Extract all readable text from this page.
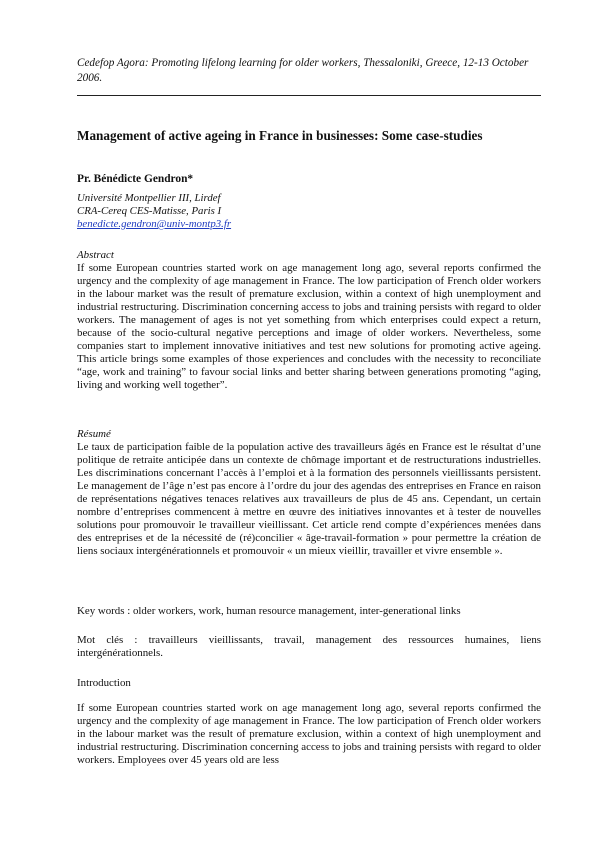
Cedefop Agora: Promoting lifelong learning for older workers, Thessaloniki, Greece, 12-13 October 2006.
Management of active ageing in France in businesses: Some case-studies
Pr. Bénédicte Gendron*
Université Montpellier III, Lirdef
CRA-Cereq CES-Matisse, Paris I
benedicte.gendron@univ-montp3.fr
Abstract
If some European countries started work on age management long ago, several reports confirmed the urgency and the complexity of age management in France. The low participation of French older workers in the labour market was the result of premature exclusion, within a context of high unemployment and industrial restructuring. Discrimination concerning access to jobs and training persists with regard to older workers. The management of ages is not yet something from which enterprises could expect a return, because of the socio-cultural negative perceptions and image of older workers. Nevertheless, some companies start to implement innovative initiatives and test new solutions for promoting active ageing. This article brings some examples of those experiences and concludes with the necessity to reconciliate “age, work and training” to favour social links and better sharing between generations promoting “aging, living and working well together”.
Résumé
Le taux de participation faible de la population active des travailleurs âgés en France est le résultat d’une politique de retraite anticipée dans un contexte de chômage important et de restructurations industrielles. Les discriminations concernant l’accès à l’emploi et à la formation des personnels vieillissants persistent. Le management de l’âge n’est pas encore à l’ordre du jour des agendas des entreprises en France en raison de représentations négatives tenaces relatives aux travailleurs de plus de 45 ans. Cependant, un certain nombre d’entreprises commencent à mettre en œuvre des initiatives innovantes et à tester de nouvelles solutions pour promouvoir le travailleur vieillissant. Cet article rend compte d’expériences menées dans des entreprises et de la nécessité de (ré)concilier « âge-travail-formation » pour permettre la création de liens sociaux intergénérationnels et promouvoir « un mieux vieillir, travailler et vivre ensemble ».
Key words : older workers, work, human resource management, inter-generational links
Mot clés : travailleurs vieillissants, travail, management des ressources humaines, liens intergénérationnels.
Introduction
If some European countries started work on age management long ago, several reports confirmed the urgency and the complexity of age management in France. The low participation of French older workers in the labour market was the result of premature exclusion, within a context of high unemployment and industrial restructuring. Discrimination concerning access to jobs and training persists with regard to older workers. Employees over 45 years old are less
